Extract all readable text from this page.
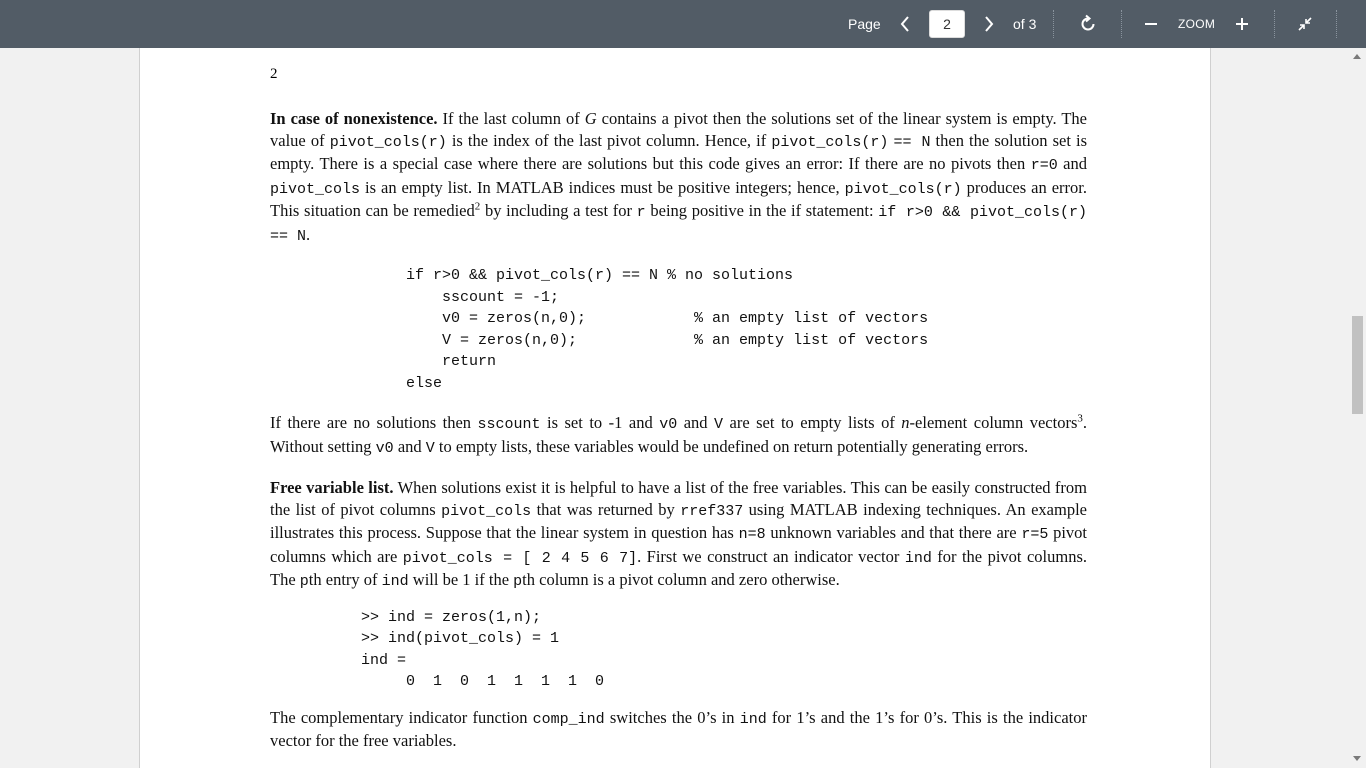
Page
2	of 3	ZOOM
2

In case of nonexistence. If the last column of G contains a pivot then the solutions set of the linear system is empty. The value of pivot_cols(r) is the index of the last pivot column. Hence, if pivot_cols(r) == N then the solution set is empty. There is a special case where there are solutions but this code gives an error: If there are no pivots then r=0 and pivot_cols is an empty list. In MATLAB indices must be positive integers; hence, pivot_cols(r) produces an error. This situation can be remedied$^2$ by including a test for r being positive in the if statement: if r>0 && pivot_cols(r) == N.

if r>0 && pivot_cols(r) == N % no solutions
sscount = -1;
v0 = zeros(n,0);            % an empty list of vectors
V = zeros(n,0);             % an empty list of vectors
return
else

If there are no solutions then sscount is set to -1 and v0 and V are set to empty lists of n-element column vectors$^3$. Without setting v0 and V to empty lists, these variables would be undefined on return potentially generating errors.

Free variable list. When solutions exist it is helpful to have a list of the free variables. This can be easily constructed from the list of pivot columns pivot_cols that was returned by rref337 using MATLAB indexing techniques. An example illustrates this process. Suppose that the linear system in question has n=8 unknown variables and that there are r=5 pivot columns which are pivot_cols = [ 2 4 5 6 7]. First we construct an indicator vector ind for the pivot columns. The pth entry of ind will be 1 if the pth column is a pivot column and zero otherwise.

>> ind = zeros(1,n);
>> ind(pivot_cols) = 1
ind =
0  1  0  1  1  1  1  0

The complementary indicator function comp_ind switches the 0’s in ind for 1’s and the 1’s for 0’s. This is the indicator vector for the free variables.
